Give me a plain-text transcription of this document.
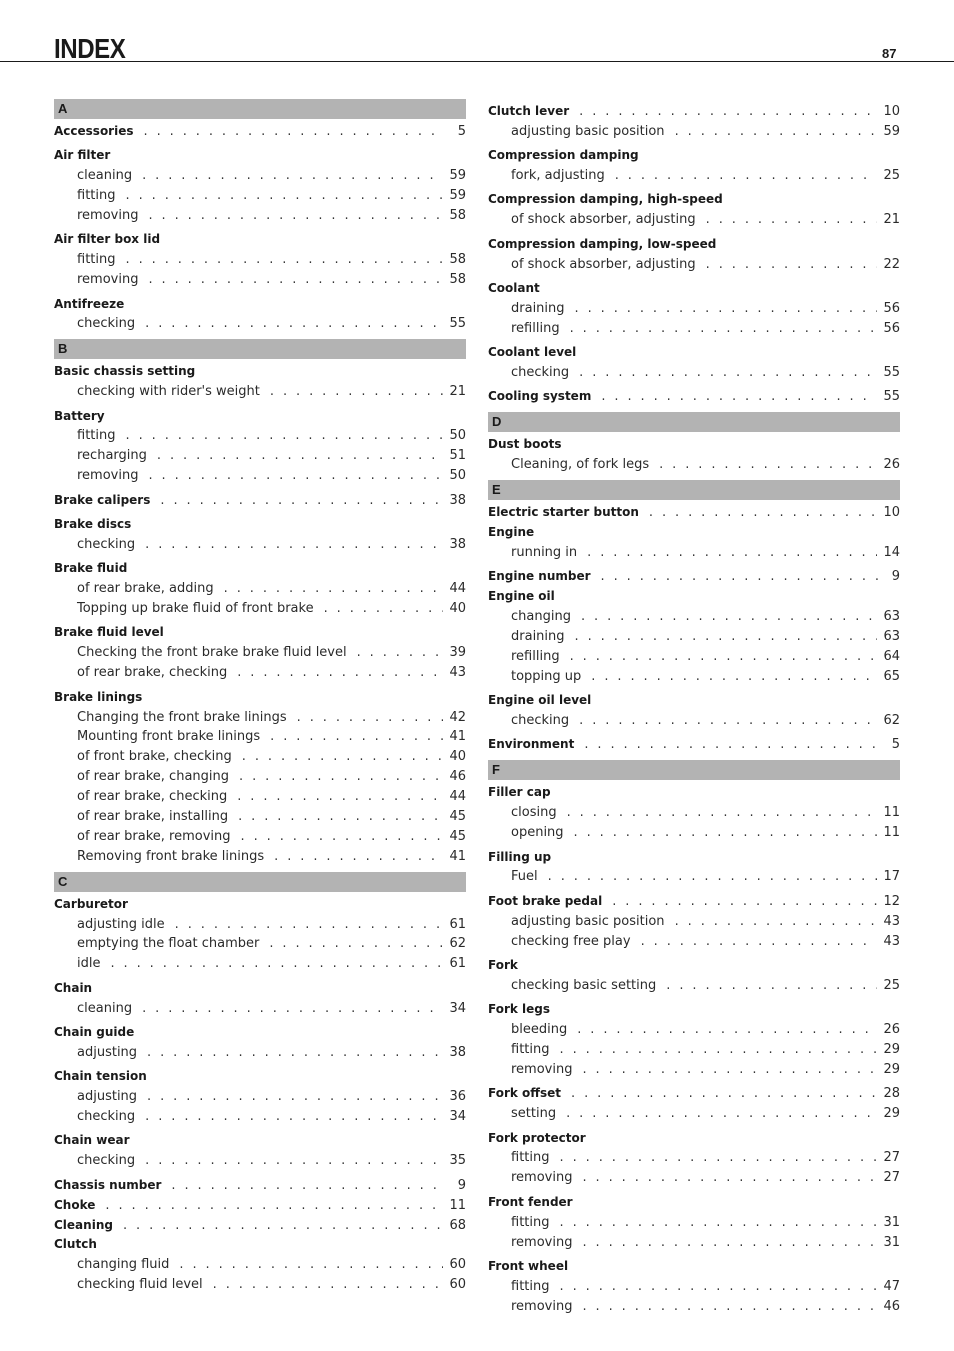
INDEX	87
A
Accessories . . .	5
Air filter
cleaning . . .	59
fitting . . .	59
removing . . .	58
Air filter box lid
fitting . . .	58
removing . . .	58
Antifreeze
checking . . .	55
B
Basic chassis setting
checking with rider's weight . . .	21
Battery
fitting . . .	50
recharging . . .	51
removing . . .	50
Brake calipers . . .	38
Brake discs
checking . . .	38
Brake fluid
of rear brake, adding . . .	44
Topping up brake fluid of front brake . . .	40
Brake fluid level
Checking the front brake brake fluid level . . .	39
of rear brake, checking . . .	43
Brake linings
Changing the front brake linings . . .	42
Mounting front brake linings . . .	41
of front brake, checking . . .	40
of rear brake, changing . . .	46
of rear brake, checking . . .	44
of rear brake, installing . . .	45
of rear brake, removing . . .	45
Removing front brake linings . . .	41
C
Carburetor
adjusting idle . . .	61
emptying the float chamber . . .	62
idle . . .	61
Chain
cleaning . . .	34
Chain guide
adjusting . . .	38
Chain tension
adjusting . . .	36
checking . . .	34
Chain wear
checking . . .	35
Chassis number . . .	9
Choke . . .	11
Cleaning . . .	68
Clutch
changing fluid . . .	60
checking fluid level . . .	60
Clutch lever . . .	10
adjusting basic position . . .	59
Compression damping
fork, adjusting . . .	25
Compression damping, high-speed
of shock absorber, adjusting . . .	21
Compression damping, low-speed
of shock absorber, adjusting . . .	22
Coolant
draining . . .	56
refilling . . .	56
Coolant level
checking . . .	55
Cooling system . . .	55
D
Dust boots
Cleaning, of fork legs . . .	26
E
Electric starter button . . .	10
Engine
running in . . .	14
Engine number . . .	9
Engine oil
changing . . .	63
draining . . .	63
refilling . . .	64
topping up . . .	65
Engine oil level
checking . . .	62
Environment . . .	5
F
Filler cap
closing . . .	11
opening . . .	11
Filling up
Fuel . . .	17
Foot brake pedal . . .	12
adjusting basic position . . .	43
checking free play . . .	43
Fork
checking basic setting . . .	25
Fork legs
bleeding . . .	26
fitting . . .	29
removing . . .	29
Fork offset . . .	28
setting . . .	29
Fork protector
fitting . . .	27
removing . . .	27
Front fender
fitting . . .	31
removing . . .	31
Front wheel
fitting . . .	47
removing . . .	46
